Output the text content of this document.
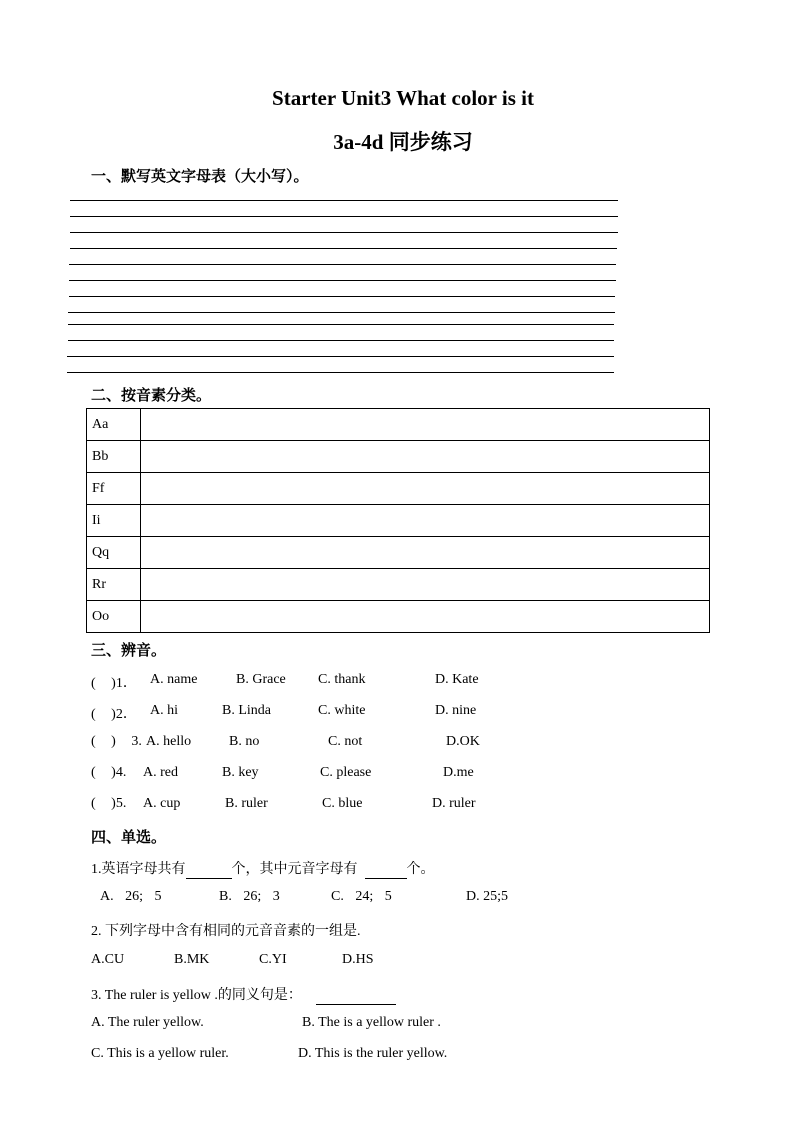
Starter Unit3 What color is it
3a-4d 同步练习
一、默写英文字母表（大小写）。
二、按音素分类。
Aa	
Bb	
Ff	
Ii	
Qq	
Rr	
Oo	
三、辨音。
( )1． A. name	B. Grace C. thank	D. Kate
( )2． A. hi	B. Linda	C. white	D. nine
( ) 3. A. hello	B. no	C. not	D.OK
( )4. A. red	B. key	C. please	D.me
( )5. A. cup	B. ruler	C. blue	D. ruler
四、单选。
1.英语字母共有	个，其中元音字母有	个。
A. 26; 5	B. 26; 3	C. 24; 5	D. 25;5
2. 下列字母中含有相同的元音音素的一组是.
A.CU	B.MK	C.YI	D.HS
3. The ruler is yellow .的同义句是：
A. The ruler yellow.	B. The is a yellow ruler .
C. This is a yellow ruler.	D. This is the ruler yellow.
